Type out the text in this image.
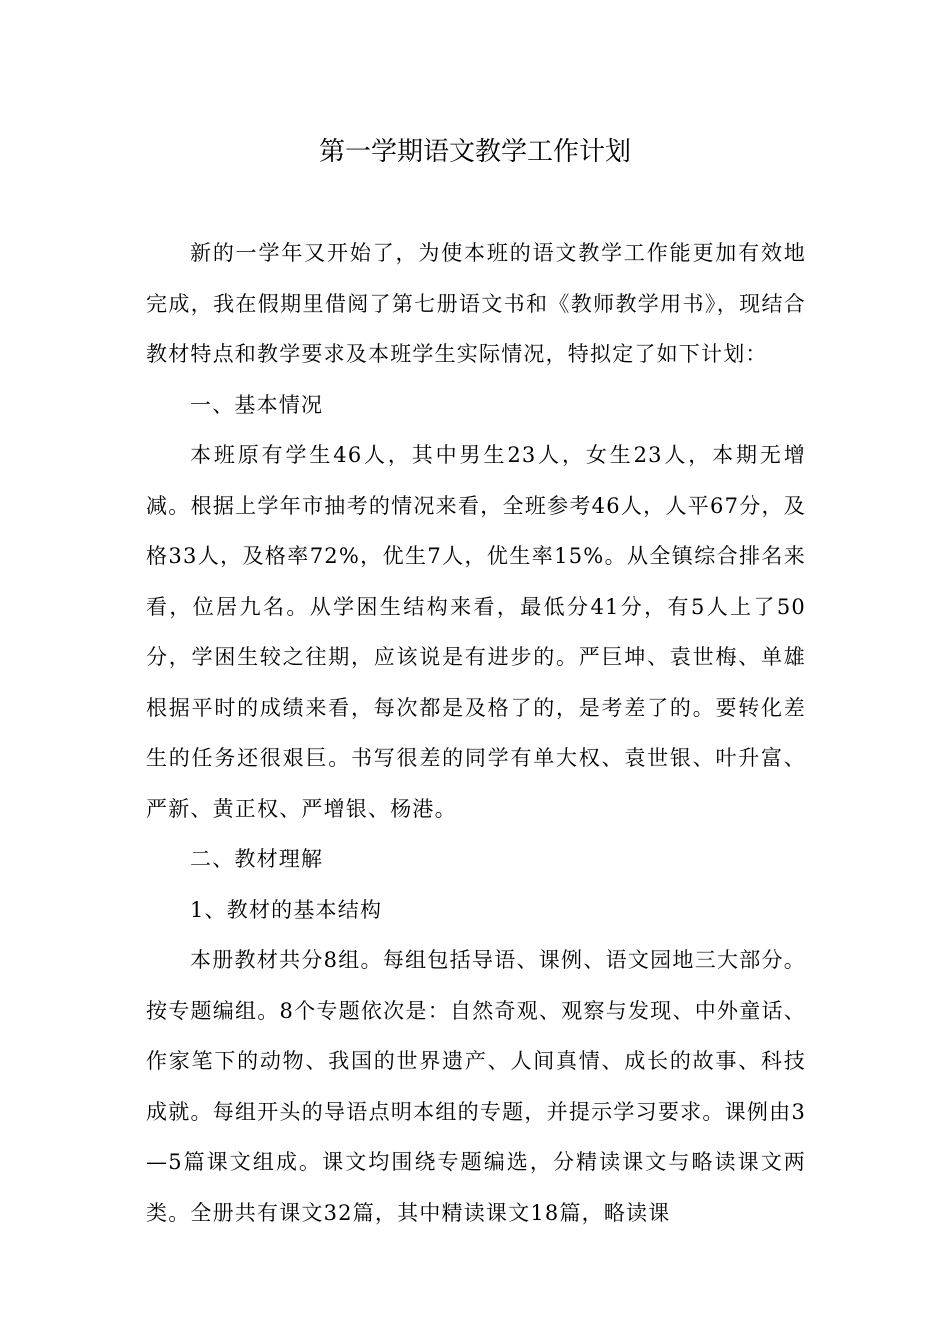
第一学期语文教学工作计划

新的一学年又开始了，为使本班的语文教学工作能更加有效地完成，我在假期里借阅了第七册语文书和《教师教学用书》，现结合教材特点和教学要求及本班学生实际情况，特拟定了如下计划：

一、基本情况

本班原有学生46人，其中男生23人，女生23人，本期无增减。根据上学年市抽考的情况来看，全班参考46人，人平67分，及格33人，及格率72%，优生7人，优生率15%。从全镇综合排名来看，位居九名。从学困生结构来看，最低分41分，有5人上了50分，学困生较之往期，应该说是有进步的。严巨坤、袁世梅、单雄根据平时的成绩来看，每次都是及格了的，是考差了的。要转化差生的任务还很艰巨。书写很差的同学有单大权、袁世银、叶升富、严新、黄正权、严增银、杨港。

二、教材理解

1、教材的基本结构

本册教材共分8组。每组包括导语、课例、语文园地三大部分。按专题编组。8个专题依次是：自然奇观、观察与发现、中外童话、作家笔下的动物、我国的世界遗产、人间真情、成长的故事、科技成就。每组开头的导语点明本组的专题，并提示学习要求。课例由3—5篇课文组成。课文均围绕专题编选，分精读课文与略读课文两类。全册共有课文32篇，其中精读课文18篇，略读课
